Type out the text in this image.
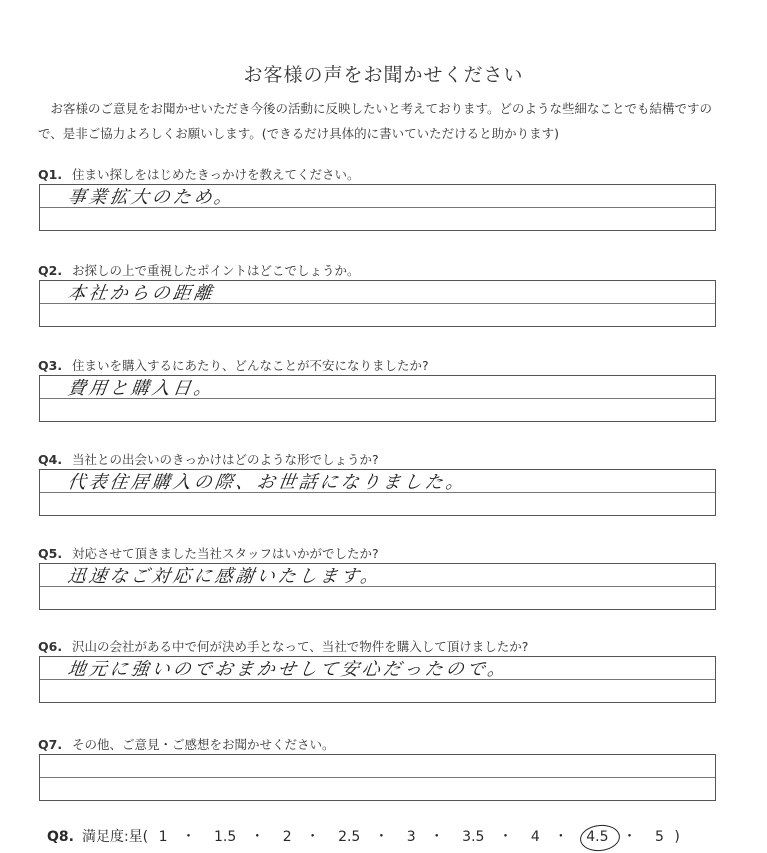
お客様の声をお聞かせください
お客様のご意見をお聞かせいただき今後の活動に反映したいと考えております。どのような些細なことでも結構ですので、是非ご協力よろしくお願いします。(できるだけ具体的に書いていただけると助かります)
Q1. 住まい探しをはじめたきっかけを教えてください。
事業拡大のため。
Q2. お探しの上で重視したポイントはどこでしょうか。
本社からの距離
Q3. 住まいを購入するにあたり、どんなことが不安になりましたか?
費用と購入日。
Q4. 当社との出会いのきっかけはどのような形でしょうか?
代表住居購入の際、お世話になりました。
Q5. 対応させて頂きました当社スタッフはいかがでしたか?
迅速なご対応に感謝いたします。
Q6. 沢山の会社がある中で何が決め手となって、当社で物件を購入して頂けましたか?
地元に強いのでおまかせして安心だったので。
Q7. その他、ご意見・ご感想をお聞かせください。
Q8. 満足度:星( 1 ・ 1.5 ・ 2 ・ 2.5 ・ 3 ・ 3.5 ・ 4 ・ 4.5 ・ 5 )
